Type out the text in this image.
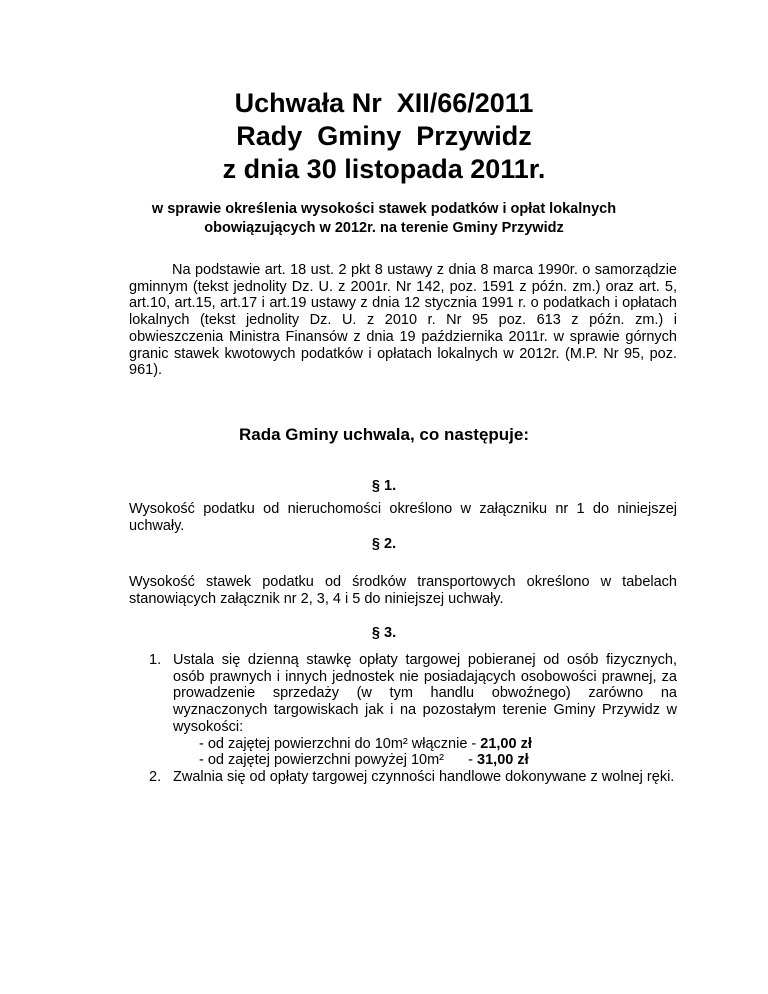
Uchwała Nr  XII/66/2011
Rady  Gminy  Przywidz
z dnia 30 listopada 2011r.
w sprawie określenia wysokości stawek podatków i opłat lokalnych
obowiązujących w 2012r. na terenie Gminy Przywidz
Na podstawie art. 18 ust. 2 pkt 8 ustawy z dnia 8 marca 1990r. o samorządzie gminnym (tekst jednolity Dz. U. z 2001r. Nr 142, poz. 1591 z późn. zm.) oraz art. 5, art.10, art.15, art.17 i art.19 ustawy z dnia 12 stycznia 1991 r. o podatkach i opłatach lokalnych (tekst jednolity Dz. U. z 2010 r. Nr 95 poz. 613 z późn. zm.) i obwieszczenia Ministra Finansów z dnia 19 października 2011r. w sprawie górnych granic stawek kwotowych podatków i opłatach lokalnych w 2012r. (M.P. Nr 95, poz. 961).
Rada Gminy uchwala, co następuje:
§ 1.
Wysokość podatku od nieruchomości określono w załączniku nr 1 do niniejszej uchwały.
§ 2.
Wysokość stawek podatku od środków transportowych określono w tabelach stanowiących załącznik nr 2, 3, 4 i 5 do niniejszej uchwały.
§ 3.
1. Ustala się dzienną stawkę opłaty targowej pobieranej od osób fizycznych, osób prawnych i innych jednostek nie posiadających osobowości prawnej, za prowadzenie sprzedaży (w tym handlu obwoźnego) zarówno na wyznaczonych targowiskach jak i na pozostałym terenie Gminy Przywidz w wysokości:
- od zajętej powierzchni do 10m² włącznie - 21,00 zł
- od zajętej powierzchni powyżej 10m²      - 31,00 zł
2. Zwalnia się od opłaty targowej czynności handlowe dokonywane z wolnej ręki.
